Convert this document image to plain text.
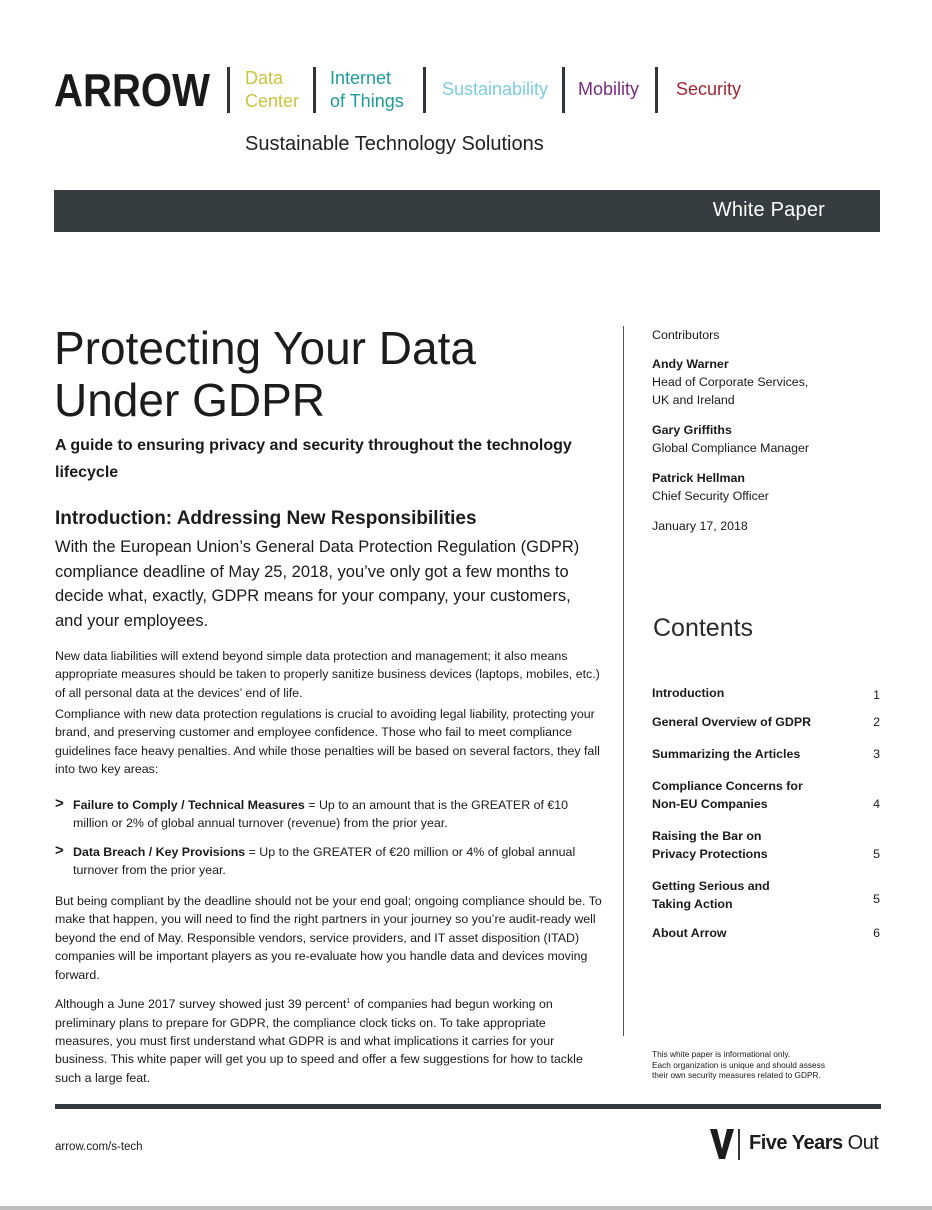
ARROW Data
Center
Internet
of Things
Sustainability Mobility Security
Sustainable Technology Solutions
White Paper
Protecting Your Data
Under GDPR

A guide to ensuring privacy and security throughout the technology lifecycle

Introduction: Addressing New Responsibilities

With the European Union’s General Data Protection Regulation (GDPR) compliance deadline of May 25, 2018, you’ve only got a few months to decide what, exactly, GDPR means for your company, your customers, and your employees.

New data liabilities will extend beyond simple data protection and management; it also means appropriate measures should be taken to properly sanitize business devices (laptops, mobiles, etc.) of all personal data at the devices’ end of life.

Compliance with new data protection regulations is crucial to avoiding legal liability, protecting your brand, and preserving customer and employee confidence. Those who fail to meet compliance guidelines face heavy penalties. And while those penalties will be based on several factors, they fall into two key areas:

> Failure to Comply / Technical Measures = Up to an amount that is the GREATER of €10 million or 2% of global annual turnover (revenue) from the prior year.
> Data Breach / Key Provisions = Up to the GREATER of €20 million or 4% of global annual turnover from the prior year.

But being compliant by the deadline should not be your end goal; ongoing compliance should be. To make that happen, you will need to find the right partners in your journey so you’re audit-ready well beyond the end of May. Responsible vendors, service providers, and IT asset disposition (ITAD) companies will be important players as you re-evaluate how you handle data and devices moving forward.

Although a June 2017 survey showed just 39 percent$^1$ of companies had begun working on preliminary plans to prepare for GDPR, the compliance clock ticks on. To take appropriate measures, you must first understand what GDPR is and what implications it carries for your business. This white paper will get you up to speed and offer a few suggestions for how to tackle such a large feat.

Contributors
Andy Warner
Head of Corporate Services,
UK and Ireland
Gary Griffiths
Global Compliance Manager
Patrick Hellman
Chief Security Officer
January 17, 2018
Contents
Introduction	1
General Overview of GDPR	2
Summarizing the Articles	3
Compliance Concerns for
Non-EU Companies	4
Raising the Bar on
Privacy Protections	5
Getting Serious and
Taking Action	5
About Arrow	6
This white paper is informational only.
Each organization is unique and should assess
their own security measures related to GDPR.
arrow.com/s-tech	Five Years Out
